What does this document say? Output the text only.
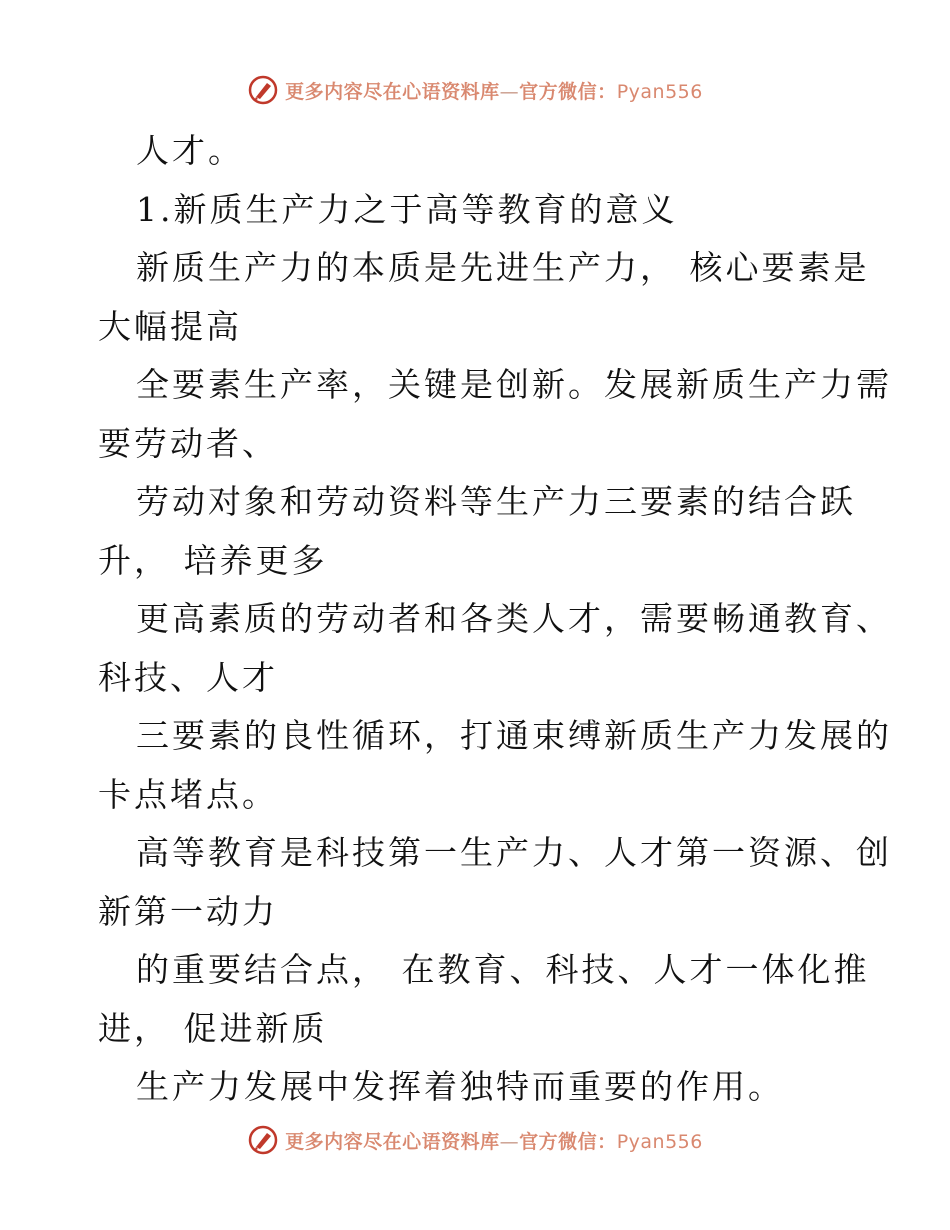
更多内容尽在心语资料库—官方微信：Pyan556
人才。
1.新质生产力之于高等教育的意义
新质生产力的本质是先进生产力， 核心要素是
大幅提高
全要素生产率，关键是创新。发展新质生产力需
要劳动者、
劳动对象和劳动资料等生产力三要素的结合跃
升， 培养更多
更高素质的劳动者和各类人才，需要畅通教育、
科技、人才
三要素的良性循环，打通束缚新质生产力发展的
卡点堵点。
高等教育是科技第一生产力、人才第一资源、创
新第一动力
的重要结合点， 在教育、科技、人才一体化推
进， 促进新质
生产力发展中发挥着独特而重要的作用。
更多内容尽在心语资料库—官方微信：Pyan556
